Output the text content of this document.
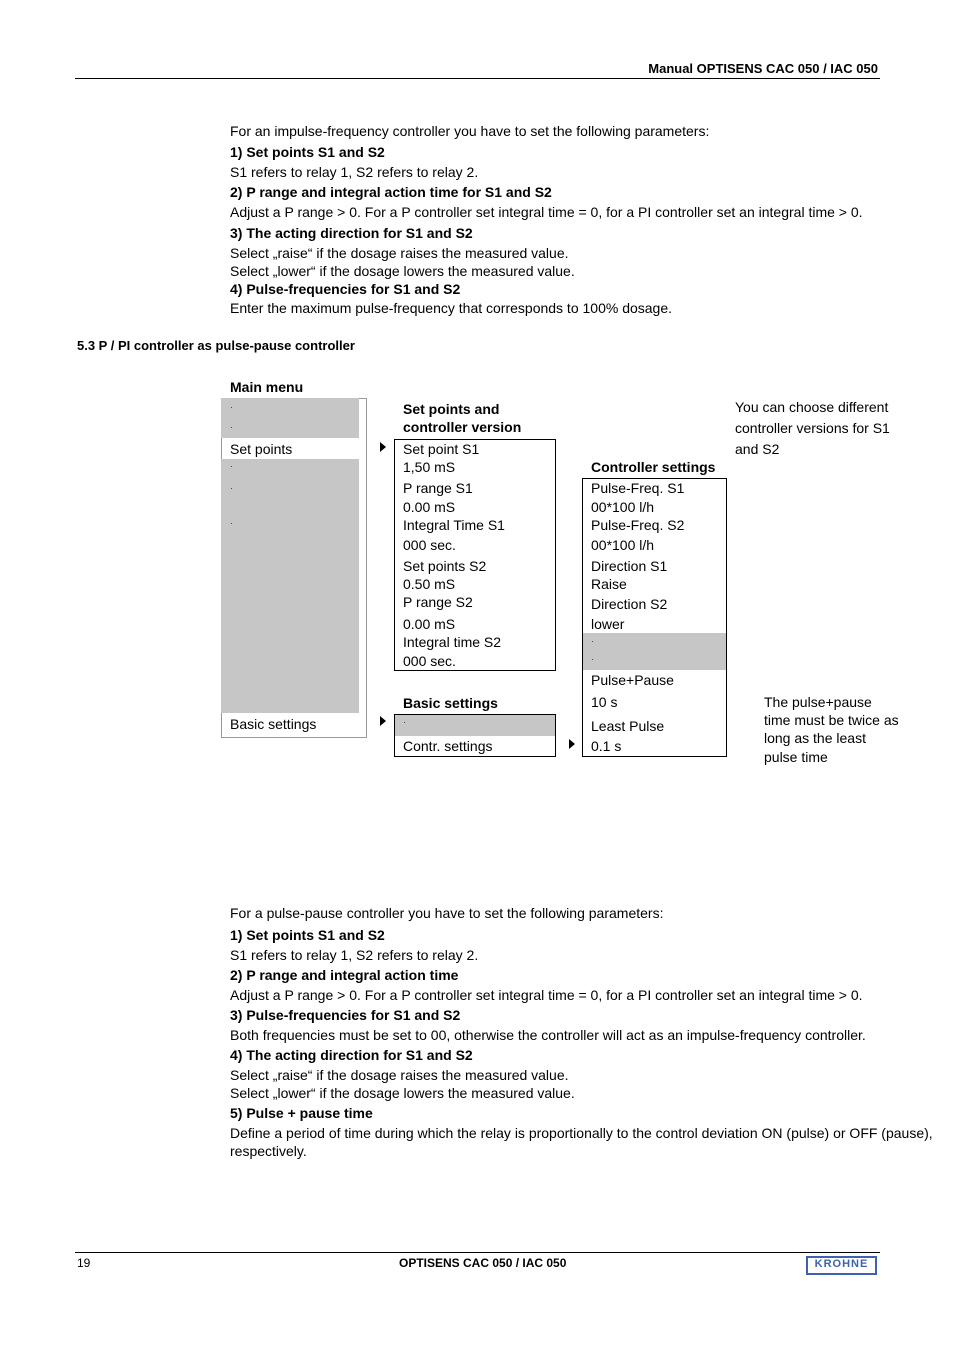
Manual OPTISENS CAC 050 / IAC 050
For an impulse-frequency controller you have to set the following parameters:
1) Set points S1 and S2
S1 refers to relay 1, S2 refers to relay 2.
2) P range and integral action time for S1 and S2
Adjust a P range > 0. For a P controller set integral time = 0, for a PI controller set an integral time > 0.
3) The acting direction for S1 and S2
Select „raise“ if the dosage raises the measured value.
Select „lower“ if the dosage lowers the measured value.
4) Pulse-frequencies for S1 and S2
Enter the maximum pulse-frequency that corresponds to 100% dosage.
5.3 P / PI controller as pulse-pause controller
Main menu
·
·
Set points
·
·
·
Basic settings
Set points and
controller version
Set point S1
1,50 mS
P range S1
0.00 mS
Integral Time S1
000 sec.
Set points S2
0.50 mS
P range S2
0.00 mS
Integral time S2
000 sec.
Basic settings
·
Contr. settings
Controller settings
Pulse-Freq. S1
00*100 l/h
Pulse-Freq. S2
00*100 l/h
Direction S1
Raise
Direction S2
lower
·
·
Pulse+Pause
10 s
Least Pulse
0.1 s
You can choose different
controller versions for S1
and S2
The pulse+pause
time must be twice as
long as the least
pulse time
For a pulse-pause controller you have to set the following parameters:
1) Set points S1 and S2
S1 refers to relay 1, S2 refers to relay 2.
2) P range and integral action time
Adjust a P range > 0. For a P controller set integral time = 0, for a PI controller set an integral time > 0.
3) Pulse-frequencies for S1 and S2
Both frequencies must be set to 00, otherwise the controller will act as an impulse-frequency controller.
4) The acting direction for S1 and S2
Select „raise“ if the dosage raises the measured value.
Select „lower“ if the dosage lowers the measured value.
5) Pulse + pause time
Define a period of time during which the relay is proportionally to the control deviation ON (pulse) or OFF (pause),
respectively.
19	OPTISENS CAC 050 / IAC 050	KROHNE
